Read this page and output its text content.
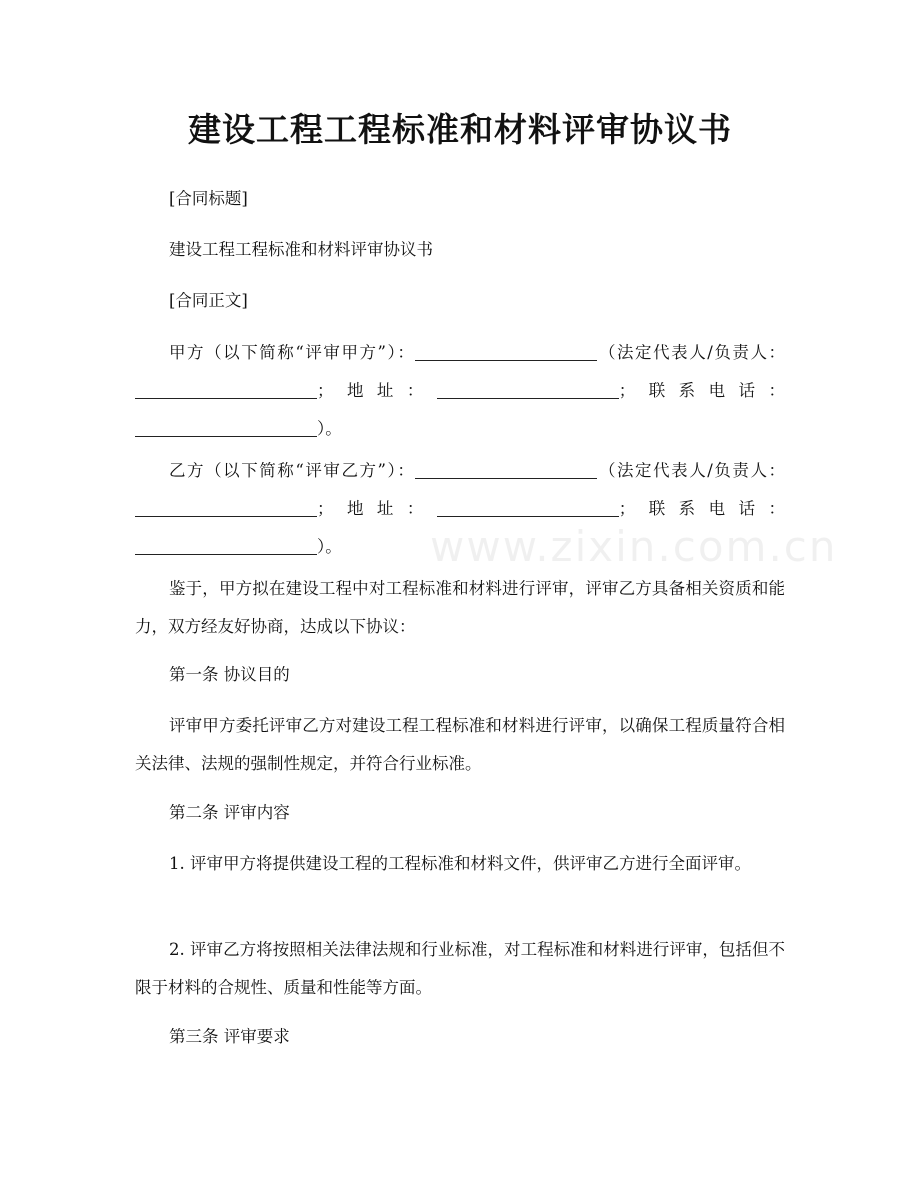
www.zixin.com.cn
建设工程工程标准和材料评审协议书
[合同标题]
建设工程工程标准和材料评审协议书
[合同正文]
甲方（以下简称“评审甲方”）：	（法定代表人/负责人：；地址：	；联系电话：）。
乙方（以下简称“评审乙方”）：	（法定代表人/负责人：；地址：	；联系电话：）。
鉴于，甲方拟在建设工程中对工程标准和材料进行评审，评审乙方具备相关资质和能力，双方经友好协商，达成以下协议：
第一条 协议目的
评审甲方委托评审乙方对建设工程工程标准和材料进行评审，以确保工程质量符合相关法律、法规的强制性规定，并符合行业标准。
第二条 评审内容
1. 评审甲方将提供建设工程的工程标准和材料文件，供评审乙方进行全面评审。
2. 评审乙方将按照相关法律法规和行业标准，对工程标准和材料进行评审，包括但不限于材料的合规性、质量和性能等方面。
第三条 评审要求
